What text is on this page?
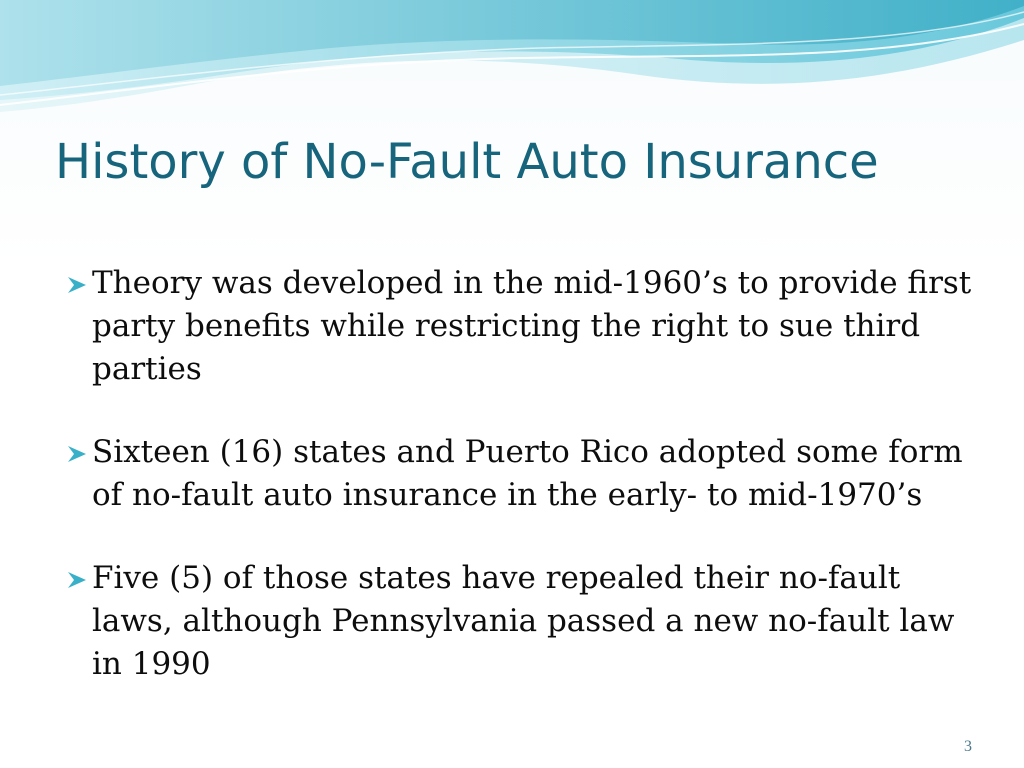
History of No-Fault Auto Insurance
Theory was developed in the mid-1960’s to provide first party benefits while restricting the right to sue third parties
Sixteen (16) states and Puerto Rico adopted some form of no-fault auto insurance in the early- to mid-1970’s
Five (5) of those states have repealed their no-fault laws, although Pennsylvania passed a new no-fault law in 1990
3
